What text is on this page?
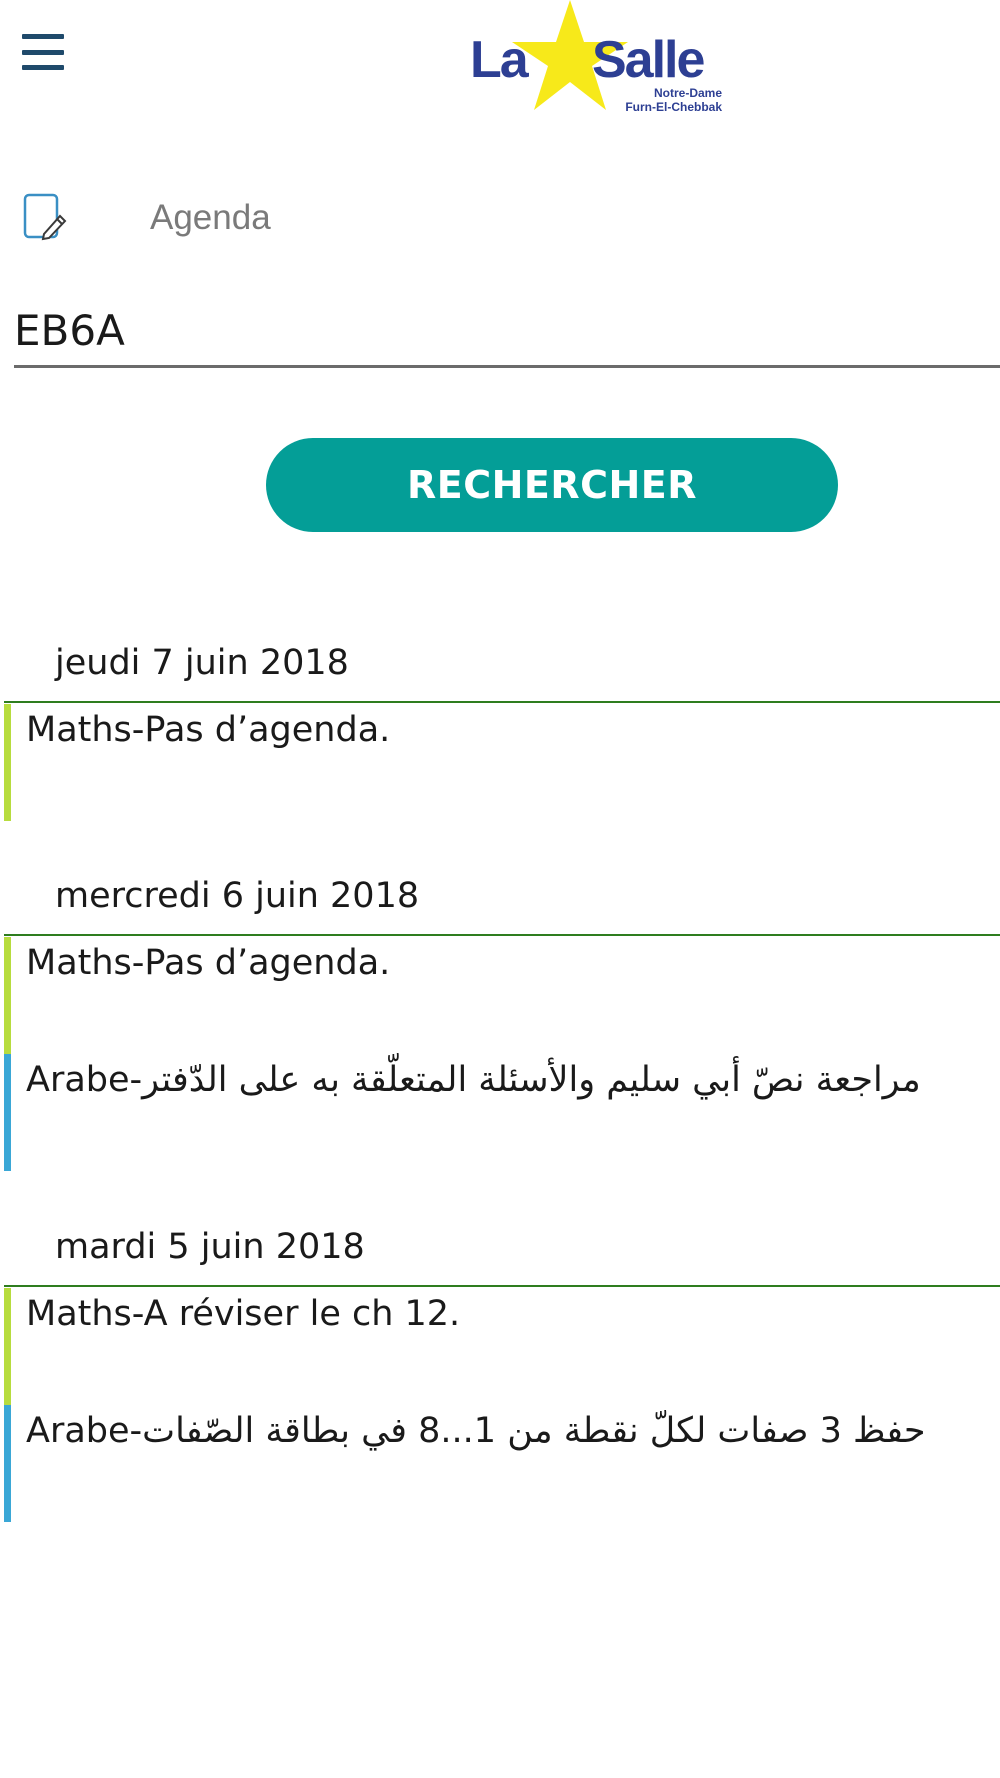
La Salle
Notre-Dame
Furn-El-Chebbak
Agenda
EB6A
RECHERCHER
jeudi 7 juin 2018
Maths-Pas d’agenda.
mercredi 6 juin 2018
Maths-Pas d’agenda.
Arabe-مراجعة نصّ أبي سليم والأسئلة المتعلّقة به على الدّفتر
mardi 5 juin 2018
Maths-A réviser le ch 12.
Arabe-حفظ 3 صفات لكلّ نقطة من 1...8 في بطاقة الصّفات
